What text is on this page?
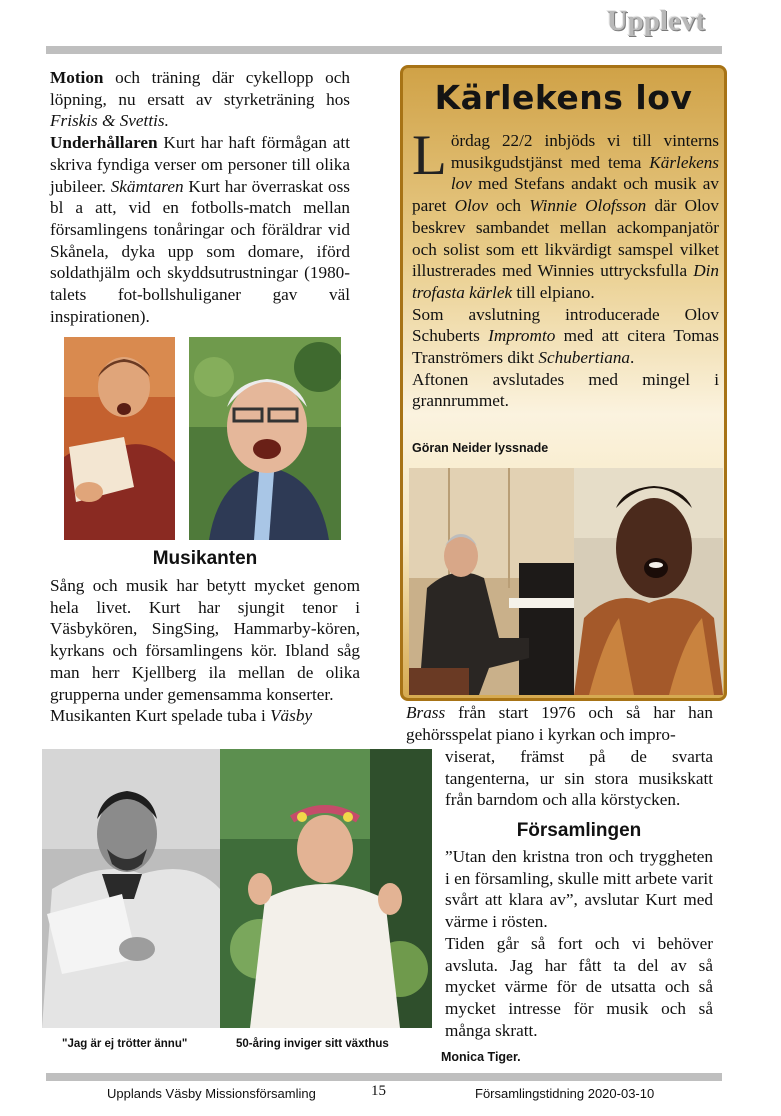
Upplevt

Motion och träning där cykellopp och löpning, nu ersatt av styrketräning hos Friskis & Svettis.

Underhållaren Kurt har haft förmågan att skriva fyndiga verser om personer till olika jubileer. Skämtaren Kurt har överraskat oss bl a att, vid en fotbolls-match mellan församlingens tonåringar och föräldrar vid Skånela, dyka upp som domare, iförd soldathjälm och skyddsutrustningar (1980-talets fot-bollshuliganer gav väl inspirationen).

Musikanten

Sång och musik har betytt mycket genom hela livet. Kurt har sjungit tenor i Väsbykören, SingSing, Hammarby-kören, kyrkans och församlingens kör. Ibland såg man herr Kjellberg ila mellan de olika grupperna under gemensamma konserter.

Musikanten Kurt spelade tuba i Väsby

Kärlekens lov

Lördag 22/2 inbjöds vi till vinterns musikgudstjänst med tema Kärlekens lov med Stefans andakt och musik av paret Olov och Winnie Olofsson där Olov beskrev sambandet mellan ackompanjatör och solist som ett likvärdigt samspel vilket illustrerades med Winnies uttrycksfulla Din trofasta kärlek till elpiano.

Som avslutning introducerade Olov Schuberts Impromto med att citera Tomas Tranströmers dikt Schubertiana.

Aftonen avslutades med mingel i grannrummet.

Göran Neider lyssnade

Brass från start 1976 och så har han gehörsspelat piano i kyrkan och impro-

viserat, främst på de svarta tangenterna, ur sin stora musikskatt från barndom och alla körstycken.

Församlingen

”Utan den kristna tron och tryggheten i en församling, skulle mitt arbete varit svårt att klara av”, avslutar Kurt med värme i rösten.

Tiden går så fort och vi behöver avsluta. Jag har fått ta del av så mycket värme för de utsatta och så mycket intresse för musik och så många skratt.

Monica Tiger.
"Jag är ej trötter ännu"	50-åring inviger sitt växthus
Upplands Väsby Missionsförsamling	15	Församlingstidning 2020-03-10
